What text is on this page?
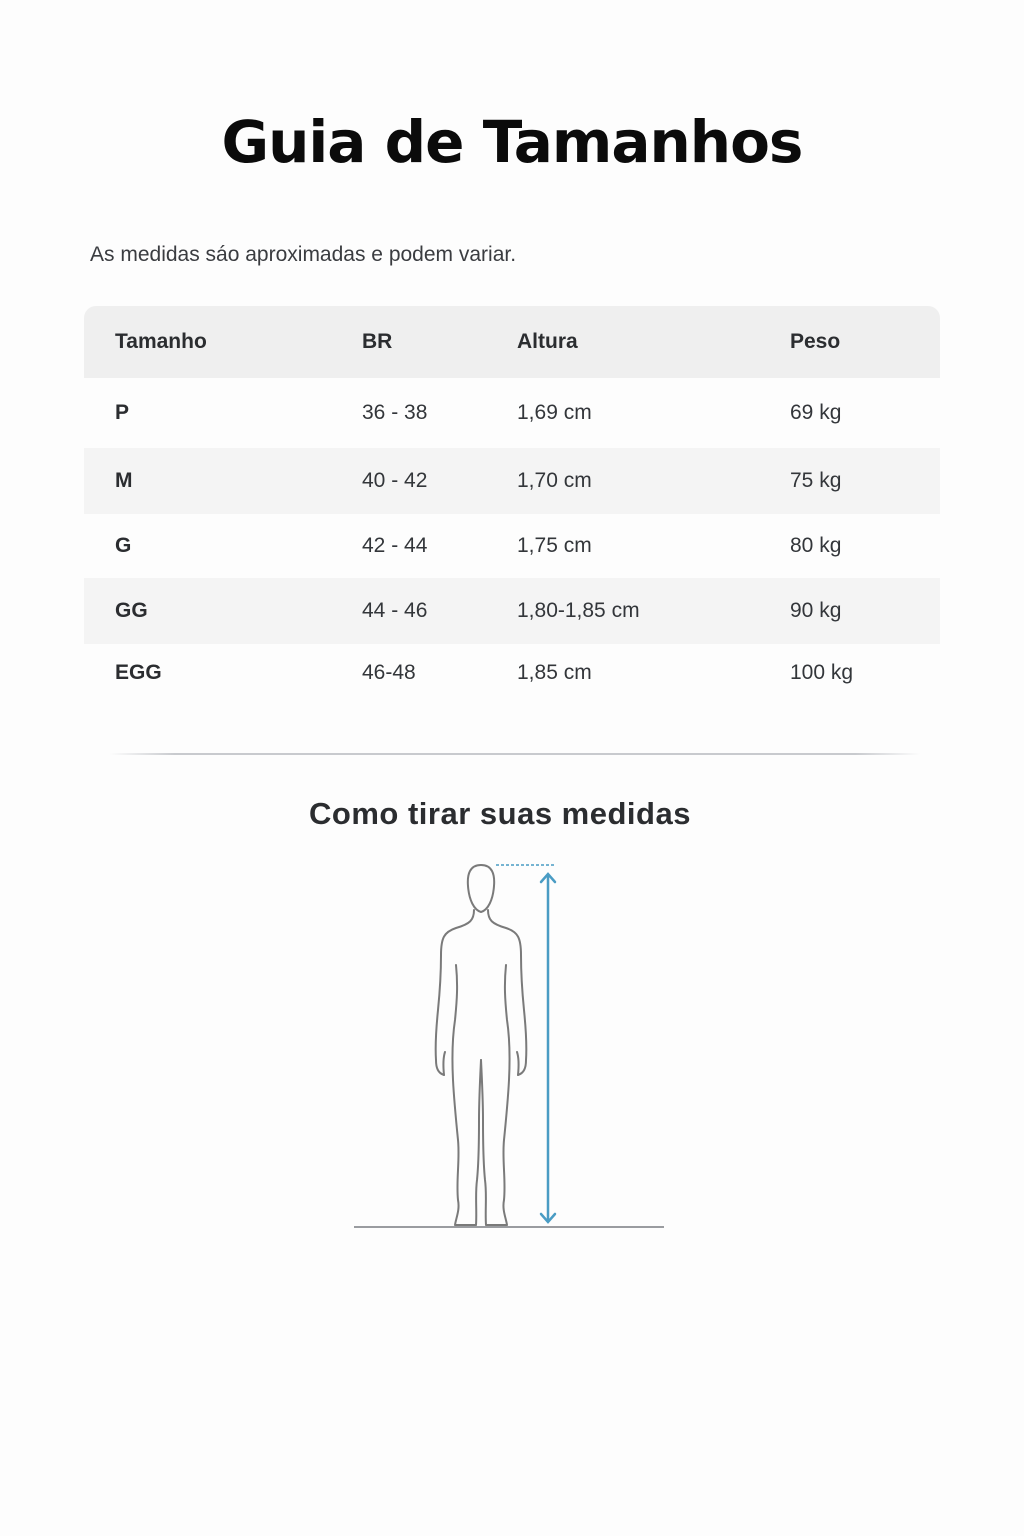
Guia de Tamanhos

As medidas sáo aproximadas e podem variar.

Tamanho	BR	Altura	Peso
P	36 - 38	1,69 cm	69 kg
M	40 - 42	1,70 cm	75 kg
G	42 - 44	1,75 cm	80 kg
GG	44 - 46	1,80-1,85 cm	90 kg
EGG	46-48	1,85 cm	100 kg
Como tirar suas medidas
